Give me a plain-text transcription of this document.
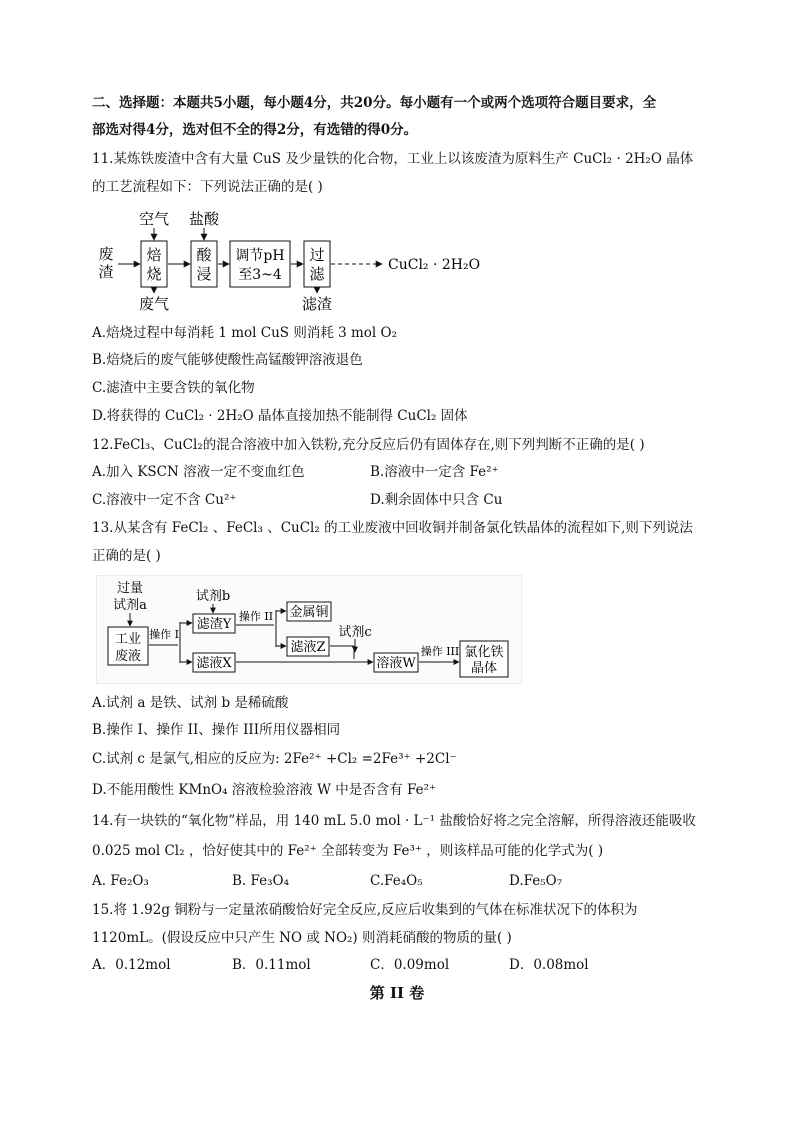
二、选择题：本题共5小题，每小题4分，共20分。每小题有一个或两个选项符合题目要求，全
部选对得4分，选对但不全的得2分，有选错的得0分。
11.某炼铁废渣中含有大量 CuS 及少量铁的化合物，工业上以该废渣为原料生产 CuCl₂ · 2H₂O 晶体
的工艺流程如下：下列说法正确的是( )
废
渣
焙
烧
空气
废气
酸
浸
盐酸
调节pH
至3~4
过
滤
滤渣
CuCl₂ · 2H₂O
A.焙烧过程中每消耗 1 mol CuS 则消耗 3 mol O₂
B.焙烧后的废气能够使酸性高锰酸钾溶液退色
C.滤渣中主要含铁的氧化物
D.将获得的 CuCl₂ · 2H₂O 晶体直接加热不能制得 CuCl₂ 固体
12.FeCl₃、CuCl₂的混合溶液中加入铁粉,充分反应后仍有固体存在,则下列判断不正确的是( )
A.加入 KSCN 溶液一定不变血红色	B.溶液中一定含 Fe²⁺
C.溶液中一定不含 Cu²⁺	D.剩余固体中只含 Cu
13.从某含有 FeCl₂ 、FeCl₃ 、CuCl₂ 的工业废液中回收铜并制备氯化铁晶体的流程如下,则下列说法
正确的是( )
过量
试剂a
工业
废液
操作 I
试剂b
滤渣Y
操作 II 金属铜
滤液Z
滤液X
试剂c
溶液W
操作 III 氯化铁
晶体
A.试剂 a 是铁、试剂 b 是稀硫酸
B.操作 I、操作 II、操作 III所用仪器相同
C.试剂 c 是氯气,相应的反应为: 2Fe²⁺ +Cl₂ =2Fe³⁺ +2Cl⁻
D.不能用酸性 KMnO₄ 溶液检验溶液 W 中是否含有 Fe²⁺
14.有一块铁的“氧化物”样品，用 140 mL 5.0 mol · L⁻¹ 盐酸恰好将之完全溶解，所得溶液还能吸收
0.025 mol Cl₂ ，恰好使其中的 Fe²⁺ 全部转变为 Fe³⁺ ，则该样品可能的化学式为( )
A. Fe₂O₃	B. Fe₃O₄	C.Fe₄O₅	D.Fe₅O₇
15.将 1.92g 铜粉与一定量浓硝酸恰好完全反应,反应后收集到的气体在标准状况下的体积为
1120mL。(假设反应中只产生 NO 或 NO₂) 则消耗硝酸的物质的量( )
A．0.12mol	B．0.11mol	C．0.09mol	D．0.08mol
第 II 卷
